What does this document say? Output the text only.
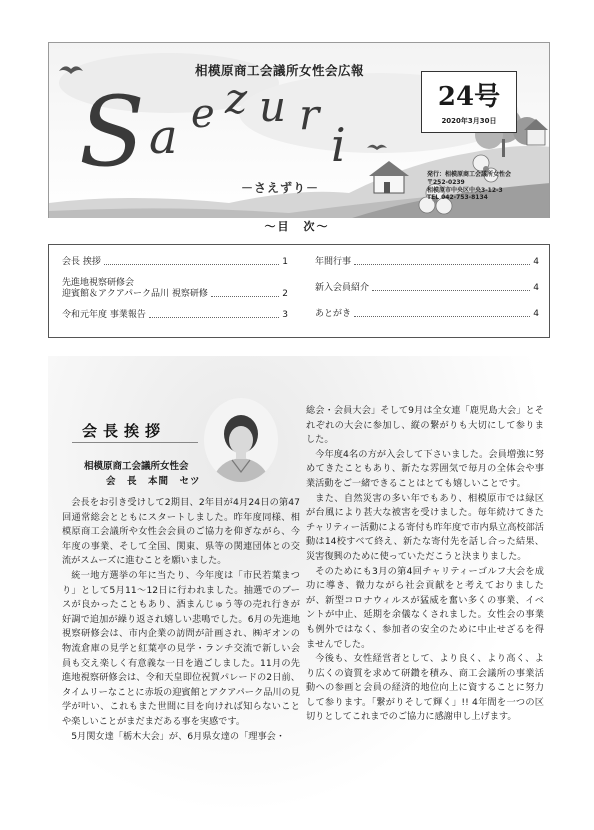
相模原商工会議所女性会広報
S a e z u r
i
－さえずり－
24号
2020年3月30日
発行：相模原商工会議所女性会
〒252-0239
相模原市中央区中央3-12-3
TEL 042-753-8134
～目　次～
会長 挨拶	1
先進地視察研修会
迎賓館＆アクアパーク品川 視察研修	2
令和元年度 事業報告	3
年間行事	4
新入会員紹介	4
あとがき	4
会長挨拶
相模原商工会議所女性会
会　長　本間　セツ

会長をお引き受けして2期目、2年目が4月24日の第47回通常総会とともにスタートしました。昨年度同様、相模原商工会議所や女性会会員のご協力を仰ぎながら、今年度の事業、そして全国、関東、県等の関連団体との交流がスムーズに進むことを願いました。

統一地方選挙の年に当たり、今年度は「市民若葉まつり」として5月11～12日に行われました。抽選でのブースが良かったこともあり、酒まんじゅう等の売れ行きが好調で追加が繰り返され嬉しい悲鳴でした。6月の先進地視察研修会は、市内企業の訪問が計画され、㈱ギオンの物流倉庫の見学と紅葉亭の見学・ランチ交流で新しい会員も交え楽しく有意義な一日を過ごしました。11月の先進地視察研修会は、令和天皇即位祝賀パレードの2日前、タイムリーなことに赤坂の迎賓館とアクアパーク品川の見学が叶い、これもまた世間に目を向ければ知らないことや楽しいことがまだまだある事を実感です。

5月関女達「栃木大会」が、6月県女達の「理事会・

総会・会員大会」そして9月は全女連「鹿児島大会」とそれぞれの大会に参加し、縦の繋がりも大切にして参りました。

今年度4名の方が入会して下さいました。会員増強に努めてきたこともあり、新たな雰囲気で毎月の全体会や事業活動をご一緒できることはとても嬉しいことです。

また、自然災害の多い年でもあり、相模原市では緑区が台風により甚大な被害を受けました。毎年続けてきたチャリティー活動による寄付も昨年度で市内県立高校部活動は14校すべて終え、新たな寄付先を話し合った結果、災害復興のために使っていただこうと決まりました。

そのためにも3月の第4回チャリティーゴルフ大会を成功に導き、微力ながら社会貢献をと考えておりましたが、新型コロナウィルスが猛威を奮い多くの事業、イベントが中止、延期を余儀なくされました。女性会の事業も例外ではなく、参加者の安全のために中止せざるを得ませんでした。

今後も、女性経営者として、より良く、より高く、より広くの資質を求めて研鑽を積み、商工会議所の事業活動への参画と会員の経済的地位向上に資することに努力して参ります。「繋がりそして輝く」!! 4年間を一つの区切りとしてこれまでのご協力に感謝申し上げます。
